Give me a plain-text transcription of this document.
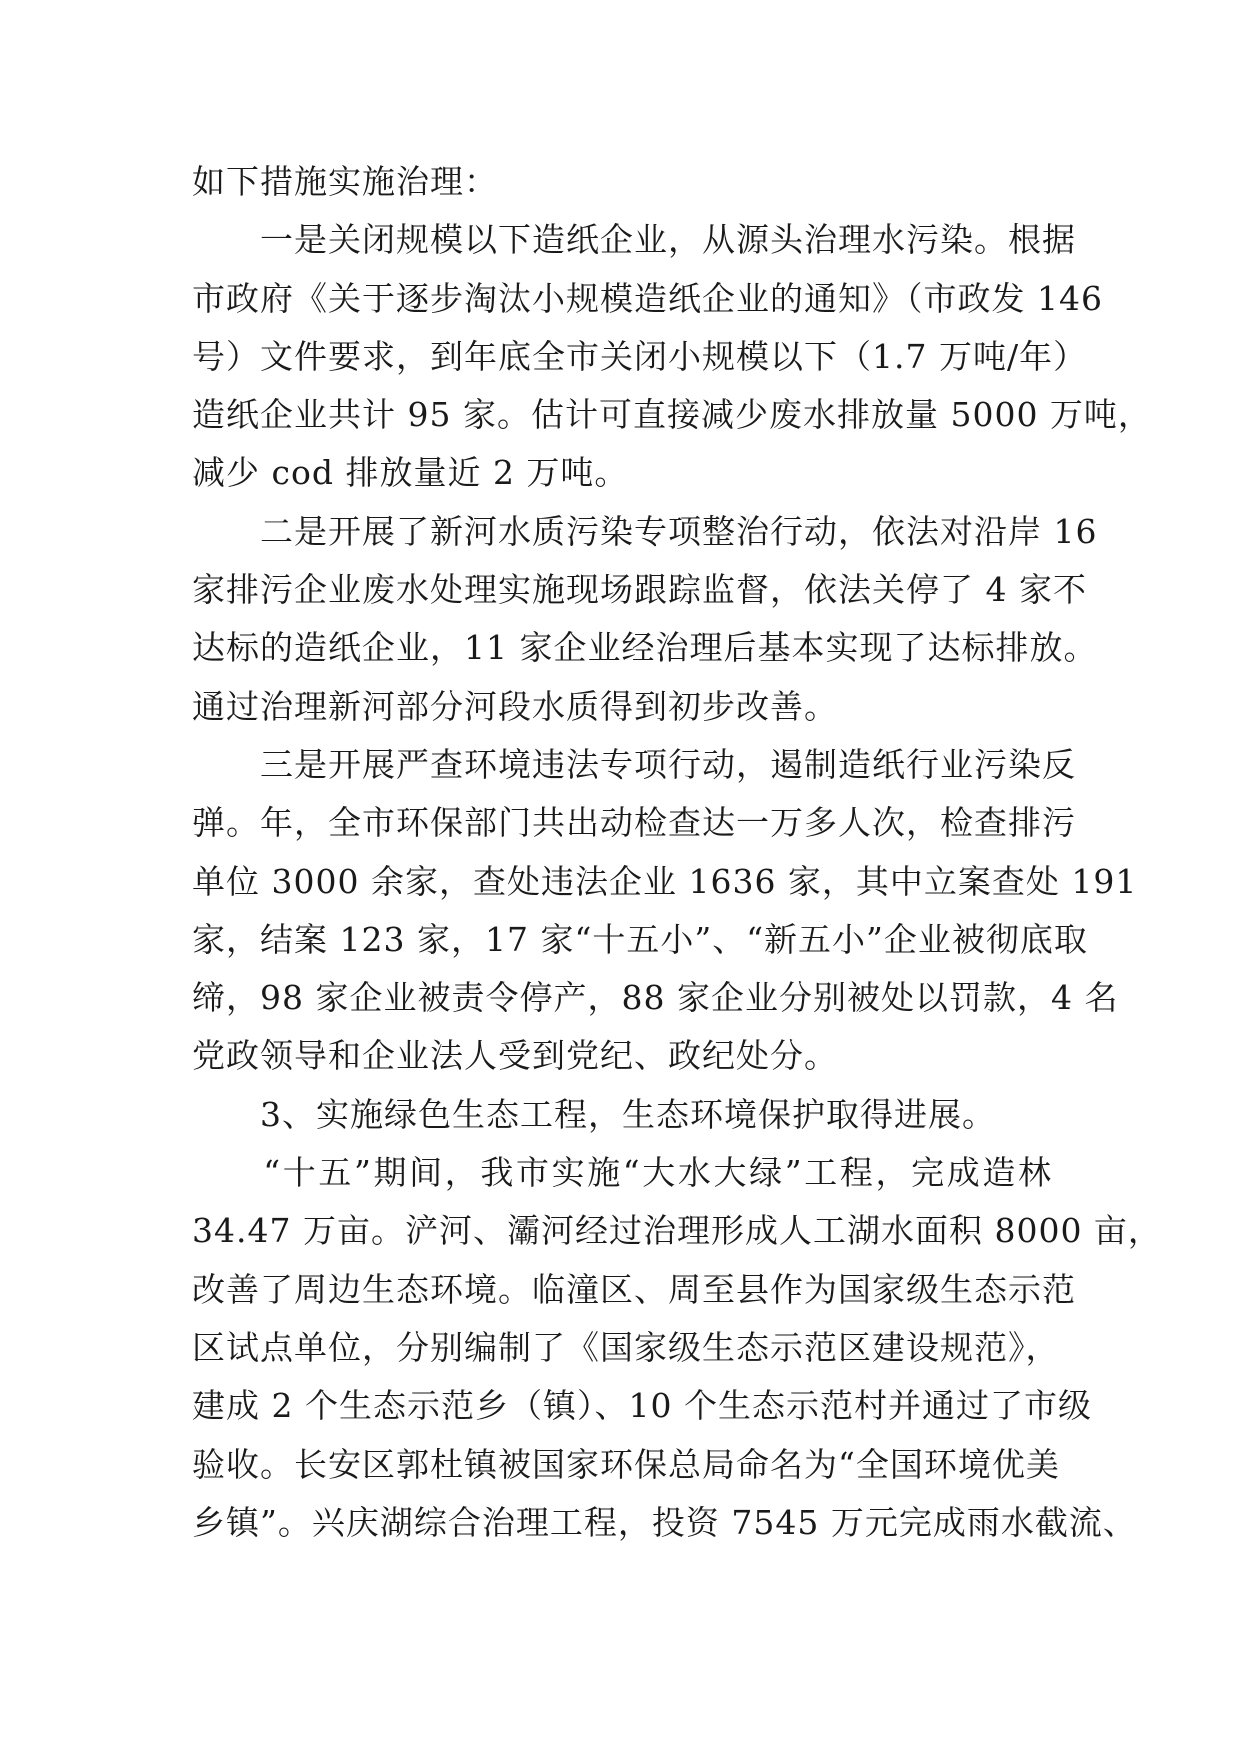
如下措施实施治理：
　　一是关闭规模以下造纸企业，从源头治理水污染。根据
市政府《关于逐步淘汰小规模造纸企业的通知》（市政发 146
号）文件要求，到年底全市关闭小规模以下（1.7 万吨/年）
造纸企业共计 95 家。估计可直接减少废水排放量 5000 万吨，
减少 cod 排放量近 2 万吨。
　　二是开展了新河水质污染专项整治行动，依法对沿岸 16
家排污企业废水处理实施现场跟踪监督，依法关停了 4 家不
达标的造纸企业，11 家企业经治理后基本实现了达标排放。
通过治理新河部分河段水质得到初步改善。
　　三是开展严查环境违法专项行动，遏制造纸行业污染反
弹。年，全市环保部门共出动检查达一万多人次，检查排污
单位 3000 余家，查处违法企业 1636 家，其中立案查处 191
家，结案 123 家，17 家“十五小”、“新五小”企业被彻底取
缔，98 家企业被责令停产，88 家企业分别被处以罚款，4 名
党政领导和企业法人受到党纪、政纪处分。
　　3、实施绿色生态工程，生态环境保护取得进展。
　　“十五”期间，我市实施“大水大绿”工程，完成造林
34.47 万亩。浐河、灞河经过治理形成人工湖水面积 8000 亩，
改善了周边生态环境。临潼区、周至县作为国家级生态示范
区试点单位，分别编制了《国家级生态示范区建设规范》，
建成 2 个生态示范乡（镇）、10 个生态示范村并通过了市级
验收。长安区郭杜镇被国家环保总局命名为“全国环境优美
乡镇”。兴庆湖综合治理工程，投资 7545 万元完成雨水截流、
